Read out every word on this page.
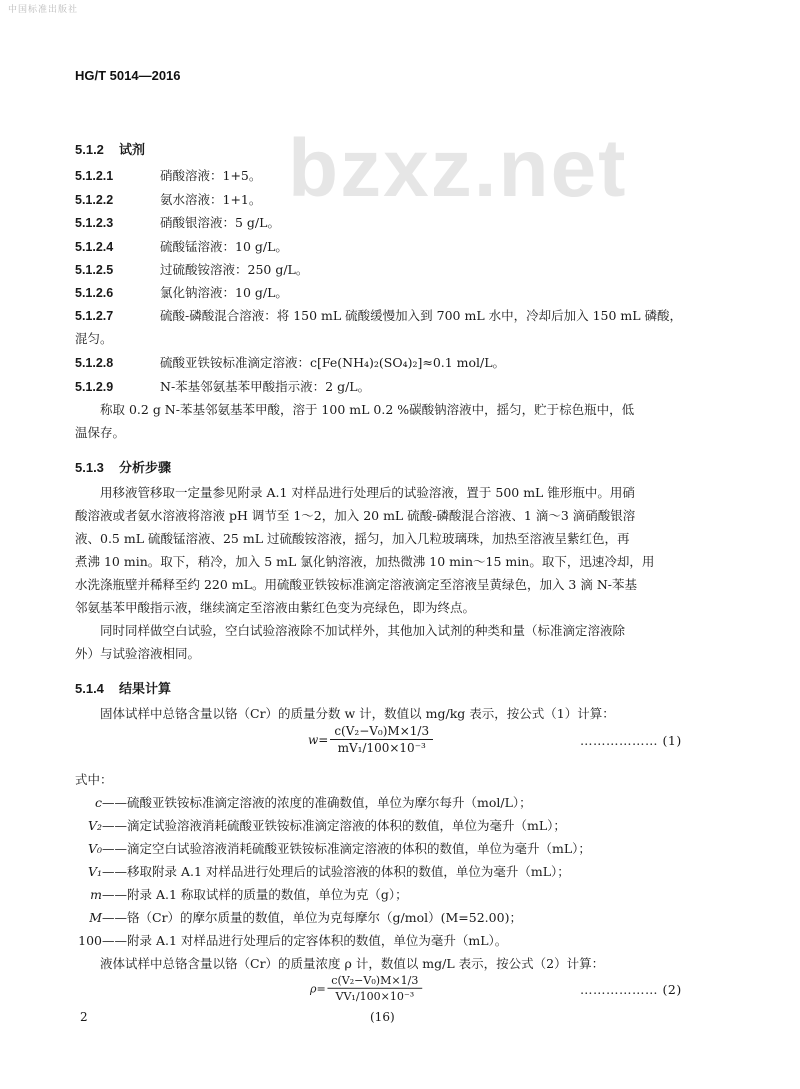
中国标准出版社
HG/T 5014—2016
bzxz.net
5.1.2 试剂
5.1.2.1	硝酸溶液：1+5。
5.1.2.2	氨水溶液：1+1。
5.1.2.3	硝酸银溶液：5 g/L。
5.1.2.4	硫酸锰溶液：10 g/L。
5.1.2.5	过硫酸铵溶液：250 g/L。
5.1.2.6	氯化钠溶液：10 g/L。
5.1.2.7	硫酸-磷酸混合溶液：将 150 mL 硫酸缓慢加入到 700 mL 水中，冷却后加入 150 mL 磷酸，
混匀。
5.1.2.8	硫酸亚铁铵标准滴定溶液：c[Fe(NH₄)₂(SO₄)₂]≈0.1 mol/L。
5.1.2.9	N-苯基邻氨基苯甲酸指示液：2 g/L。
称取 0.2 g N-苯基邻氨基苯甲酸，溶于 100 mL 0.2 %碳酸钠溶液中，摇匀，贮于棕色瓶中，低
温保存。
5.1.3 分析步骤
用移液管移取一定量参见附录 A.1 对样品进行处理后的试验溶液，置于 500 mL 锥形瓶中。用硝
酸溶液或者氨水溶液将溶液 pH 调节至 1～2，加入 20 mL 硫酸-磷酸混合溶液、1 滴～3 滴硝酸银溶
液、0.5 mL 硫酸锰溶液、25 mL 过硫酸铵溶液，摇匀，加入几粒玻璃珠，加热至溶液呈紫红色，再
煮沸 10 min。取下，稍冷，加入 5 mL 氯化钠溶液，加热微沸 10 min～15 min。取下，迅速冷却，用
水洗涤瓶壁并稀释至约 220 mL。用硫酸亚铁铵标准滴定溶液滴定至溶液呈黄绿色，加入 3 滴 N-苯基
邻氨基苯甲酸指示液，继续滴定至溶液由紫红色变为亮绿色，即为终点。
同时同样做空白试验，空白试验溶液除不加试样外，其他加入试剂的种类和量（标准滴定溶液除
外）与试验溶液相同。
5.1.4 结果计算
固体试样中总铬含量以铬（Cr）的质量分数 w 计，数值以 mg/kg 表示，按公式（1）计算：
$w= \frac{\text{c(V₂−V₀)M×1/3}}{\text{mV₁/100×10⁻³}}$	……………… (1)
式中：
c——硫酸亚铁铵标准滴定溶液的浓度的准确数值，单位为摩尔每升（mol/L）；
V₂——滴定试验溶液消耗硫酸亚铁铵标准滴定溶液的体积的数值，单位为毫升（mL）；
V₀——滴定空白试验溶液消耗硫酸亚铁铵标准滴定溶液的体积的数值，单位为毫升（mL）；
V₁——移取附录 A.1 对样品进行处理后的试验溶液的体积的数值，单位为毫升（mL）；
m——附录 A.1 称取试样的质量的数值，单位为克（g）；
M——铬（Cr）的摩尔质量的数值，单位为克每摩尔（g/mol）(M=52.00)；
100——附录 A.1 对样品进行处理后的定容体积的数值，单位为毫升（mL）。
液体试样中总铬含量以铬（Cr）的质量浓度 ρ 计，数值以 mg/L 表示，按公式（2）计算：
$\rho= \frac{\text{c(V₂−V₀)M×1/3}}{\text{VV₁/100×10⁻³}}$	……………… (2)
2	(16)
